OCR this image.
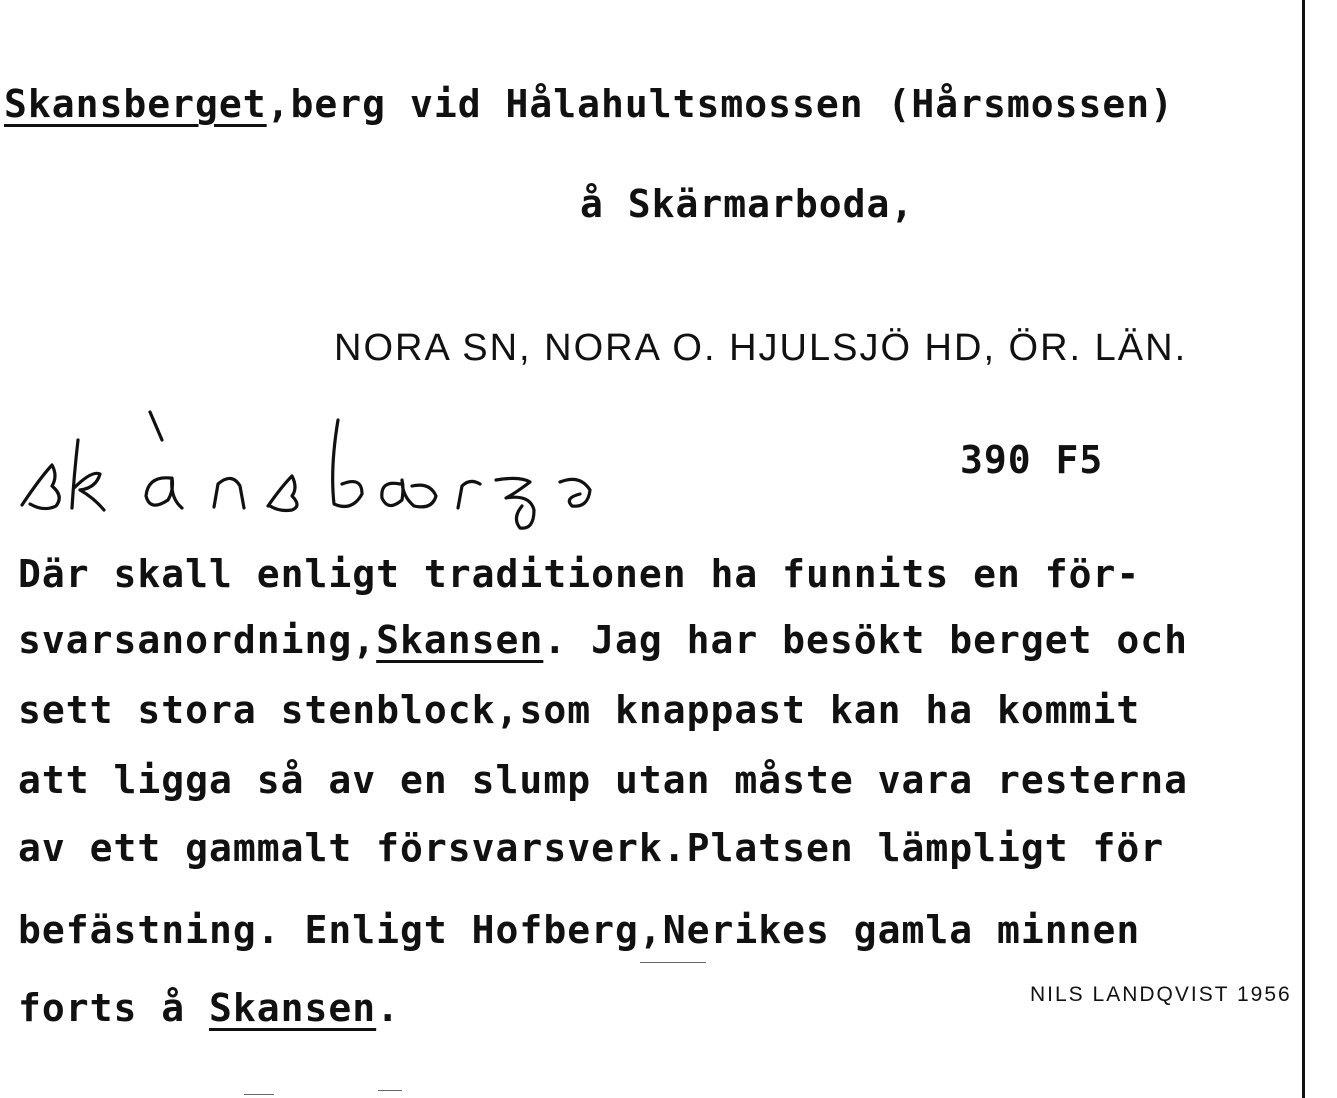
Skansberget,berg vid Hålahultsmossen (Hårsmossen)
å Skärmarboda,
NORA SN, NORA O. HJULSJÖ HD, ÖR. LÄN.
390 F5
Där skall enligt traditionen ha funnits en för-
svarsanordning,Skansen. Jag har besökt berget och
sett stora stenblock,som knappast kan ha kommit
att ligga så av en slump utan måste vara resterna
av ett gammalt försvarsverk.Platsen lämpligt för
befästning. Enligt Hofberg,Nerikes gamla minnen
forts å Skansen.	NILS LANDQVIST 1956
